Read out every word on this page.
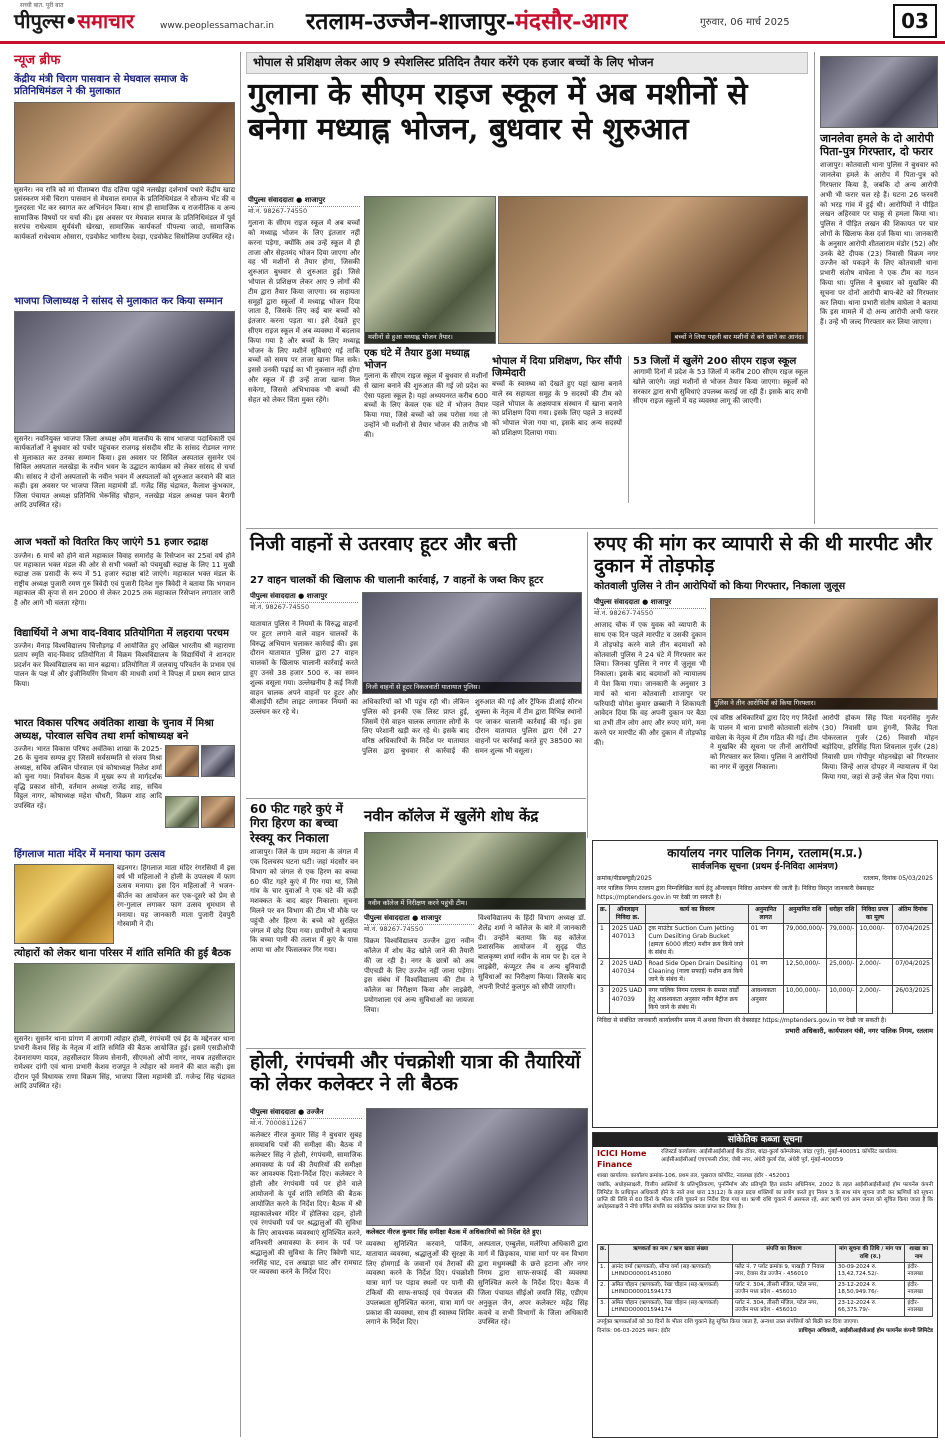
सच्ची बात. पूरी बात
पीपुल्स•समाचार	www.peoplessamachar.in रतलाम-उज्जैन-शाजापुर-मंदसौर-आगर	गुरुवार, 06 मार्च 2025	03
न्यूज ब्रीफ
केंद्रीय मंत्री चिराग पासवान से मेघवाल समाज के प्रतिनिधिमंडल ने की मुलाकात
सुसनेर। नव रात्रि को मां पीताम्बरा पीठ दतिया पहुंचे नलखेड़ा दर्शनार्थ पधारे केंद्रीय खाद्य प्रसंस्करण मंत्री चिराग पासवान से मेघवाल समाज के प्रतिनिधिमंडल ने सौजन्य भेंट की व गुलदस्ता भेंट कर स्वागत कर अभिनंदन किया। साथ ही सामाजिक व राजनीतिक व अन्य सामाजिक विषयों पर चर्चा की। इस अवसर पर मेघवाल समाज के प्रतिनिधिमंडल में पूर्व सरपंच राधेश्याम सूर्यवंशी खेरखा, सामाजिक कार्यकर्ता पीपल्या जादो, सामाजिक कार्यकर्ता राधेश्याम ओसारा, एडवोकेट भागीरथ देवड़ा, एडवोकेट सिसोलिया उपस्थित रहे।
भाजपा जिलाध्यक्ष ने सांसद से मुलाकात कर किया सम्मान
सुसनेर। नवनियुक्त भाजपा जिला अध्यक्ष ओम मालवीय के साथ भाजपा पदाधिकारी एवं कार्यकर्ताओं ने बुधवार को पचोर पहुंचकर राजगढ़ संसदीय सीट के सांसद रोडमल नागर से मुलाकात कर उनका सम्मान किया। इस अवसर पर सिविल अस्पताल सुसनेर एवं सिविल अस्पताल नलखेड़ा के नवीन भवन के उद्घाटन कार्यक्रम को लेकर सांसद से चर्चा की। सांसद ने दोनों अस्पतालों के नवीन भवन में अस्पतालों को शुरुआत करवाने की बात कही। इस अवसर पर भाजपा जिला महामंत्री डॉ. गजेंद्र सिंह चंद्रावत, कैलाश कुंभकार, जिला पंचायत अध्यक्ष प्रतिनिधि भेरूसिंह चौहान, नलखेड़ा मंडल अध्यक्ष पवन बैरागी आदि उपस्थित रहे।
आज भक्तों को वितरित किए जाएंगे 51 हजार रुद्राक्ष
उज्जैन। 6 मार्च को होने वाले महाकाल विवाह समारोह के रिसेप्शन का 25वां वर्ष होने पर महाकाल भक्त मंडल की ओर से सभी भक्तों को पंचमुखी रुद्राक्ष के लिए 11 मुखी रुद्राक्ष तक प्रसादी के रूप में 51 हजार रुद्राक्ष बांटे जाएंगे। महाकाल भक्त मंडल के राष्ट्रीय अध्यक्ष पुजारी रमण गुरु त्रिवेदी एवं पुजारी दिनेश गुरु त्रिवेदी ने बताया कि भगवान महाकाल की कृपा से सन 2000 से लेकर 2025 तक महाकाल रिसेप्शन लगातार जारी है और आगे भी चलता रहेगा।
विद्यार्थियों ने अभा वाद-विवाद प्रतियोगिता में लहराया परचम
उज्जैन। मैनाड़ विश्वविद्यालय चित्तौड़गढ़ में आयोजित हुए अखिल भारतीय श्री महाराणा प्रताप स्मृति वाद-विवाद प्रतियोगिता में विक्रम विश्वविद्यालय के विद्यार्थियों ने शानदार प्रदर्शन कर विश्वविद्यालय का मान बढ़ाया। प्रतियोगिता में जलवायु परिवर्तन के प्रभाव एवं पालन के पक्ष में और इंजीनियरिंग विभाग की माधवी शर्मा ने विपक्ष में प्रथम स्थान प्राप्त किया।
भारत विकास परिषद अवंतिका शाखा के चुनाव में मिश्रा अध्यक्ष, पोरवाल सचिव तथा शर्मा कोषाध्यक्ष बने
उज्जैन। भारत विकास परिषद अवंतिका शाखा के 2025-26 के चुनाव सम्पन्न हुए जिसमें सर्वसम्मति से संजय मिश्रा अध्यक्ष, सचिव अश्विन पोरवाल एवं कोषाध्यक्ष निलेश शर्मा को चुना गया। निर्वाचन बैठक में मुख्य रूप से मार्गदर्शक वृद्धि प्रकाश सोनी, वर्तमान अध्यक्ष राजेंद्र शाह, सचिव विट्ठल नागर, कोषाध्यक्ष महेश चौधरी, विक्रम शाह आदि उपस्थित रहे।
हिंगलाज माता मंदिर में मनाया फाग उत्सव
बड़नगर। हिंगलाज माता मंदिर रंगरसियों में इस वर्ष भी महिलाओं ने होली के उपलक्ष्य में फाग उत्सव मनाया। इस दिन महिलाओं ने भजन-कीर्तन का आयोजन कर एक-दूसरे को प्रेम से रंग-गुलाल लगाकर फाग उत्सव धूमधाम से मनाया। यह जानकारी माता पुजारी देवपुरी गोस्वामी ने दी।
त्योहारों को लेकर थाना परिसर में शांति समिति की हुई बैठक
सुसनेर। सुसनेर थाना प्रांगण में आगामी त्योहार होली, रंगपंचमी एवं ईद के मद्देनजर थाना प्रभारी केशव सिंह के नेतृत्व में शांति समिति की बैठक आयोजित हुई। इसमें एसडीओपी देवनारायण यादव, तहसीलदार विजय सेनानी, सीएमओ ओपी नागर, नायब तहसीलदार रामेश्वर दांगी एवं थाना प्रभारी केशव राजपूत ने त्योहार को मनाने की बात कही। इस दौरान पूर्व विधायक राणा विक्रम सिंह, भाजपा जिला महामंत्री डॉ. गजेन्द्र सिंह चंद्रावत आदि उपस्थित रहे।
भोपाल से प्रशिक्षण लेकर आए 9 स्पेशलिस्ट प्रतिदिन तैयार करेंगे एक हजार बच्चों के लिए भोजन
गुलाना के सीएम राइज स्कूल में अब मशीनों से बनेगा मध्याह्न भोजन, बुधवार से शुरुआत
पीपुल्स संवाददाता ● शाजापुर
मो.नं. 98267-74550
गुलाना के सीएम राइज स्कूल में अब बच्चों को मध्याह्न भोजन के लिए इंतजार नहीं करना पड़ेगा, क्योंकि अब उन्हें स्कूल में ही ताजा और सेहतमंद भोजन दिया जाएगा और वह भी मशीनों से तैयार होगा, जिसकी शुरुआत बुधवार से शुरुआत हुई। जिसे भोपाल से प्रशिक्षण लेकर आए 9 लोगों की टीम द्वारा तैयार किया जाएगा। स्व सहायता समूहों द्वारा स्कूलों में मध्याह्न भोजन दिया जाता है, जिसके लिए कई बार बच्चों को इंतजार करना पड़ता था। इसे देखते हुए सीएम राइज स्कूल में अब व्यवस्था में बदलाव किया गया है और बच्चों के लिए मध्याह्न भोजन के लिए मशीनें सुविधाएं गई ताकि बच्चों को समय पर ताजा खाना मिल सके। इससे उनकी पढ़ाई का भी नुकसान नहीं होगा और स्कूल में ही उन्हें ताजा खाना मिल सकेगा, जिससे अभिभावक भी बच्चों की सेहत को लेकर चिंता मुक्त रहेंगे।
मशीनों से हुआ मध्याह्न भोजन तैयार।	बच्चों ने लिया पहली बार मशीनों से बने खाने का आनंद।
एक घंटे में तैयार हुआ मध्याह्न भोजन
गुलाना के सीएम राइज स्कूल में बुधवार से मशीनों से खाना बनाने की शुरुआत की गई जो प्रदेश का ऐसा पहला स्कूल है। यहां अध्ययनरत करीब 600 बच्चों के लिए केवल एक घंटे में भोजन तैयार किया गया, जिसे बच्चों को जब परोसा गया तो उन्होंने भी मशीनों से तैयार भोजन की तारीफ भी की।
भोपाल में दिया प्रशिक्षण, फिर सौंपी जिम्मेदारी
बच्चों के स्वास्थ्य को देखते हुए यहां खाना बनाने वाले स्व सहायता समूह के 9 सदस्यों की टीम को पहले भोपाल के अक्षयपात्र संस्थान में खाना बनाने का प्रशिक्षण दिया गया। इसके लिए पहले 3 सदस्यों को भोपाल भेजा गया था, इसके बाद अन्य सदस्यों को प्रशिक्षण दिलाया गया।
53 जिलों में खुलेंगे 200 सीएम राइज स्कूल
आगामी दिनों में प्रदेश के 53 जिलों में करीब 200 सीएम राइज स्कूल खोले जाएंगे। जहां मशीनों से भोजन तैयार किया जाएगा। स्कूलों को सरकार द्वारा सभी सुविधाएं उपलब्ध कराई जा रही हैं। इसके बाद सभी सीएम राइज स्कूलों में यह व्यवस्था लागू की जाएगी।
जानलेवा हमले के दो आरोपी पिता-पुत्र गिरफ्तार, दो फरार
शाजापुर। कोतवाली थाना पुलिस ने बुधवार को जानलेवा हमले के आरोप में पिता-पुत्र को गिरफ्तार किया है, जबकि दो अन्य आरोपी अभी भी फरार चल रहे हैं। घटना 26 फरवरी को भरड़ गांव में हुई थी। आरोपियों ने पीड़ित लखन अहिरवार पर चाकू से हमला किया था। पुलिस ने पीड़ित लखन की शिकायत पर चार लोगों के खिलाफ केस दर्ज किया था। जानकारी के अनुसार आरोपी शीतलाराम मंडोर (52) और उनके बेटे दीपक (23) निवासी विक्रम नगर उज्जैन को पकड़ने के लिए कोतवाली थाना प्रभारी संतोष वाघेला ने एक टीम का गठन किया था। पुलिस ने बुधवार को मुखबिर की सूचना पर दोनों आरोपी बाप-बेटे को गिरफ्तार कर लिया। थाना प्रभारी संतोष वाघेला ने बताया कि इस मामले में दो अन्य आरोपी अभी फरार हैं। उन्हें भी जल्द गिरफ्तार कर लिया जाएगा।
निजी वाहनों से उतरवाए हूटर और बत्ती
27 वाहन चालकों की खिलाफ की चालानी कार्रवाई, 7 वाहनों के जब्त किए हूटर
पीपुल्स संवाददाता ● शाजापुर
मो.नं. 98267-74550
निजी वाहनों से हूटर निकलवाती यातायात पुलिस।
यातायात पुलिस ने नियमों के विरुद्ध वाहनों पर हूटर लगाने वाले वाहन चालकों के विरुद्ध अभियान चलाकर कार्रवाई की। इस दौरान यातायात पुलिस द्वारा 27 वाहन चालकों के खिलाफ चालानी कार्रवाई करते हुए उनसे 38 हजार 500 रु. का समन शुल्क वसूला गया। उल्लेखनीय है कई निजी वाहन चालक अपने वाहनों पर हूटर और बीआईपी स्टीम लाइट लगाकर नियमों का उल्लंघन कर रहे थे।
अधिकारियों को भी पहुंच रही थी। लेकिन पुलिस को इनकी एक लिस्ट प्राप्त हुई, जिसमें ऐसे वाहन चालक लगातार लोगों के लिए परेशानी खड़ी कर रहे थे। इसके बाद वरिष्ठ अधिकारियों के निर्देश पर यातायात पुलिस द्वारा बुधवार से कार्रवाई की शुरुआत की गई और ट्रैफिक डीआई सौरभ शुक्ला के नेतृत्व में टीम द्वारा विभिन्न स्थानों पर जाकर चालानी कार्रवाई की गई। इस दौरान यातायात पुलिस द्वारा ऐसे 27 वाहनों पर कार्रवाई करते हुए 38500 का समन शुल्क भी वसूला।
रुपए की मांग कर व्यापारी से की थी मारपीट और दुकान में तोड़फोड़
कोतवाली पुलिस ने तीन आरोपियों को किया गिरफ्तार, निकाला जुलूस
पीपुल्स संवाददाता ● शाजापुर
मो.नं. 98267-74550
आजाद चौक में एक युवक को व्यापारी के साथ एक दिन पहले मारपीट व उसकी दुकान में तोड़फोड़ करने वाले तीन बदमाशों को कोतवाली पुलिस ने 24 घंटे में गिरफ्तार कर लिया। जिनका पुलिस ने नगर में जुलूस भी निकाला। इसके बाद बदमाशों को न्यायालय में पेश किया गया। जानकारी के अनुसार 3 मार्च को थाना कोतवाली शाजापुर पर फरियादी योगेश कुमार छब्बानी ने शिकायती आवेदन दिया कि वह अपनी दुकान पर बैठा था तभी तीन लोग आए और रुपए मांगे, मना करने पर मारपीट की और दुकान में तोड़फोड़ की।
पुलिस ने तीन आरोपियों को किया गिरफ्तार।
एवं वरिष्ठ अधिकारियों द्वारा दिए गए निर्देशों के पालन में थाना प्रभारी कोतवाली संतोष वाघेला के नेतृत्व में टीम गठित की गई। टीम ने मुखबिर की सूचना पर तीनों आरोपियों को गिरफ्तार कर लिया। पुलिस ने आरोपियों का नगर में जुलूस निकाला।
आरोपी होकम सिंह पिता मदनसिंह गुर्जर (30) निवासी ग्राम हुंगनी, विजेंद्र पिता पोकरलाल गुर्जर (26) निवासी मोहन बड़ोदिया, हरिसिंह पिता शिवलाल गुर्जर (28) निवासी ग्राम गोपीपुर मोहनखेड़ा को गिरफ्तार किया। जिन्हें आज दोपहर में न्यायालय में पेश किया गया, जहां से उन्हें जेल भेज दिया गया।
60 फीट गहरे कुएं में गिरा हिरण का बच्चा रेस्क्यू कर निकाला
शाजापुर। जिले के ग्राम मदाना के जंगल में एक दिलचस्प घटना घटी। जहां मंदसौर वन विभाग को जंगल से एक हिरण का बच्चा 60 फीट गहरे कुएं में गिर गया था, जिसे गांव के चार युवाओं ने एक घंटे की कड़ी मशक्कत के बाद बाहर निकाला। सूचना मिलने पर वन विभाग की टीम भी मौके पर पहुंची और हिरण के बच्चे को सुरक्षित जंगल में छोड़ दिया गया। ग्रामीणों ने बताया कि बच्चा पानी की तलाश में कुएं के पास आया था और फिसलकर गिर गया।
नवीन कॉलेज में खुलेंगे शोध केंद्र
नवीन कॉलेज में निरीक्षण करने पहुंची टीम।
पीपुल्स संवाददाता ● शाजापुर
मो.नं. 98267-74550
विक्रम विश्वविद्यालय उज्जैन द्वारा नवीन कॉलेज में शोध केंद्र खोले जाने की तैयारी की जा रही है। नगर के छात्रों को अब पीएचडी के लिए उज्जैन नहीं जाना पड़ेगा। इस संबंध में विश्वविद्यालय की टीम ने कॉलेज का निरीक्षण किया और लाइब्रेरी, प्रयोगशाला एवं अन्य सुविधाओं का जायजा लिया।
विश्वविद्यालय के हिंदी विभाग अध्यक्ष डॉ. शैलेंद्र शर्मा ने कॉलेज के बारे में जानकारी दी। उन्होंने बताया कि यह कॉलेज प्रशासनिक आयोजन में सुदृढ़ पीठ बालकृष्ण शर्मा नवीन के नाम पर है। दल ने लाइब्रेरी, कंप्यूटर लैब व अन्य बुनियादी सुविधाओं का निरीक्षण किया। जिसके बाद अपनी रिपोर्ट कुलगुरु को सौंपी जाएगी।
कार्यालय नगर पालिक निगम, रतलाम(म.प्र.)
सार्वजनिक सूचना (प्रथम ई-निविदा आमंत्रण)
क्रमांक/पीडब्ल्यूडी/2025	रतलाम, दिनांक 05/03/2025
नगर पालिक निगम रतलाम द्वारा निम्नलिखित कार्य हेतु ऑनलाइन निविदा आमंत्रण की जाती है। निविदा विस्तृत जानकारी वेबसाइट https://mptenders.gov.in पर देखी जा सकती है।
क्र.	ऑनलाइन निविदा क्र.	कार्य का विवरण	अनुमानित लागत	अनुमानित राशि	धरोहर राशि	निविदा प्रपत्र का मूल्य	अंतिम दिनांक
1	2025 UAD 407013	ट्रक माउंटेड Suction Cum Jetting Cum Desilting Grab Bucket (क्षमता 6000 लीटर) मशीन क्रय किये जाने के संबंध में।	01 नग	79,000,000/-	79,000/-	10,000/-	07/04/2025
2	2025 UAD 407034	Road Side Open Drain Desilting Cleaning (नाला सफाई) मशीन क्रय किये जाने के संबंध में।	01 नग	12,50,000/-	25,000/-	2,000/-	07/04/2025
3	2025 UAD 407039	नगर पालिक निगम रतलाम के समस्त वार्डों हेतु आवश्यकता अनुसार नवीन बैट्रीज क्रय किये जाने के संबंध में।	आवश्यकता अनुसार	10,00,000/-	10,000/-	2,000/-	26/03/2025
निविदा से संबंधित जानकारी कार्यालयीन समय में अथवा विभाग की वेबसाइट https://mptenders.gov.in पर देखी जा सकती है।
प्रभारी अधिकारी, कार्यपालन यंत्री, नगर पालिक निगम, रतलाम
होली, रंगपंचमी और पंचक्रोशी यात्रा की तैयारियों को लेकर कलेक्टर ने ली बैठक
पीपुल्स संवाददाता ● उज्जैन
मो.नं. 7000811267
कलेक्टर नीरज कुमार सिंह ने बुधवार सुबह समयावधि पत्रों की समीक्षा की। बैठक में कलेक्टर सिंह ने होली, रंगपंचमी, सामाजिक अमावस्या के पर्व की तैयारियों की समीक्षा कर आवश्यक दिशा-निर्देश दिए। कलेक्टर ने होली और रंगपंचमी पर्व पर होने वाले आयोजनों के पूर्व शांति समिति की बैठक आयोजित करने के निर्देश दिए। बैठक में श्री महाकालेश्वर मंदिर में होलिका दहन, होली एवं रंगपंचमी पर्व पर श्रद्धालुओं की सुविधा के लिए आवश्यक व्यवस्थाएं सुनिश्चित करने, शनिश्चरी अमावस्या के स्नान के पर्व पर श्रद्धालुओं की सुविधा के लिए त्रिवेणी घाट, नरसिंह घाट, दत्त अखाड़ा घाट और रामघाट पर व्यवस्था करने के निर्देश दिए।
कलेक्टर नीरज कुमार सिंह समीक्षा बैठक में अधिकारियों को निर्देश देते हुए।
व्यवस्था सुनिश्चित करवाने, पार्किंग, यातायात व्यवस्था, श्रद्धालुओं की सुरक्षा के लिए होमगार्ड के जवानों एवं तैराकों की व्यवस्था करने के निर्देश दिए। पंचक्रोशी यात्रा मार्ग पर पड़ाव स्थलों पर पानी की टंकियों की साफ-सफाई एवं पेयजल की उपलब्धता सुनिश्चित करना, यात्रा मार्ग पर प्रकाश की व्यवस्था, साथ ही स्वास्थ्य शिविर लगाने के निर्देश दिए।
अस्पताल, एम्बुलेंस, मलेरिया अधिकारी द्वारा मार्ग में छिड़काव, यात्रा मार्ग पर वन विभाग द्वारा मधुमक्खी के छत्ते हटाना और नगर निगम द्वारा साफ-सफाई की व्यवस्था सुनिश्चित करने के निर्देश दिए। बैठक में जिला पंचायत सीईओ जयति सिंह, एडीएम अनुकूल जैन, अपर कलेक्टर महेंद्र सिंह कवचे व सभी विभागों के जिला अधिकारी उपस्थित रहे।
सांकेतिक कब्जा सूचना
ICICI Home Finance
रजिस्टर्ड कार्यालय: आईसीआईसीआई बैंक टॉवर, बांद्रा-कुर्ला कॉम्प्लेक्स, बांद्रा (पूर्व), मुंबई-400051 कॉर्पोरेट कार्यालय: आईसीआईसीआई एचएफसी टॉवर, जेबी नगर, अंधेरी कुर्ला रोड, अंधेरी पूर्व, मुंबई-400059
शाखा कार्यालय: कार्यालय क्रमांक-106, प्रथम तल, पुखराज कॉर्पोरेट, नवलखा इंदौर - 452001
जबकि, अधोहस्ताक्षरी, वित्तीय आस्तियों के प्रतिभूतिकरण, पुनर्निर्माण और प्रतिभूति हित प्रवर्तन अधिनियम, 2002 के तहत आईसीआईसीआई होम फायनेंस कंपनी लिमिटेड के प्राधिकृत अधिकारी होने के नाते तथा धारा 13(12) के तहत प्रदत्त शक्तियों का प्रयोग करते हुए नियम 3 के साथ मांग सूचना जारी कर ऋणियों को सूचना प्राप्ति की तिथि से 60 दिनों के भीतर राशि चुकाने का निर्देश दिया गया था। ऋणी राशि चुकाने में असफल रहे, अतः ऋणी एवं आम जनता को सूचित किया जाता है कि अधोहस्ताक्षरी ने नीचे वर्णित संपत्ति का सांकेतिक कब्जा प्राप्त कर लिया है।
क्र.	ऋणकर्ता का नाम / ऋण खाता संख्या	संपत्ति का विवरण	मांग सूचना की तिथि / मांग पत्र राशि (रु.)	शाखा का नाम
1.	आनंद वर्मा (ऋणकर्ता), सीमा वर्मा (सह-ऋणकर्ता) LHINDO00001451080	फ्लैट नं. 7 प्लॉट क्रमांक 9, पाखड़ी 7 निवास नगर, देवास रोड उज्जैन - 456010	30-09-2024 रु. 13,42,724.52/-	इंदौर-नवलखा
2.	अमित चौहान (ऋणकर्ता), रेखा चौहान (सह-ऋणकर्ता) LHINDO00001594173	प्लॉट नं. 304, तीसरी मंजिल, पटेल नगर, उज्जैन मध्य प्रदेश - 456010	23-12-2024 रु. 18,50,949.76/-	इंदौर-नवलखा
3.	अमित चौहान (ऋणकर्ता), रेखा चौहान (सह-ऋणकर्ता) LHINDO00001594174	प्लॉट नं. 304, तीसरी मंजिल, पटेल नगर, उज्जैन मध्य प्रदेश - 456010	23-12-2024 रु. 66,375.79/-	इंदौर-नवलखा
उपर्युक्त ऋणकर्ताओं को 30 दिनों के भीतर राशि चुकाने हेतु सूचित किया जाता है, अन्यथा उक्त संपत्तियों को बिक्री कर दिया जाएगा।
दिनांक: 06-03-2025 स्थान: इंदौर	प्राधिकृत अधिकारी, आईसीआईसीआई होम फायनेंस कंपनी लिमिटेड
